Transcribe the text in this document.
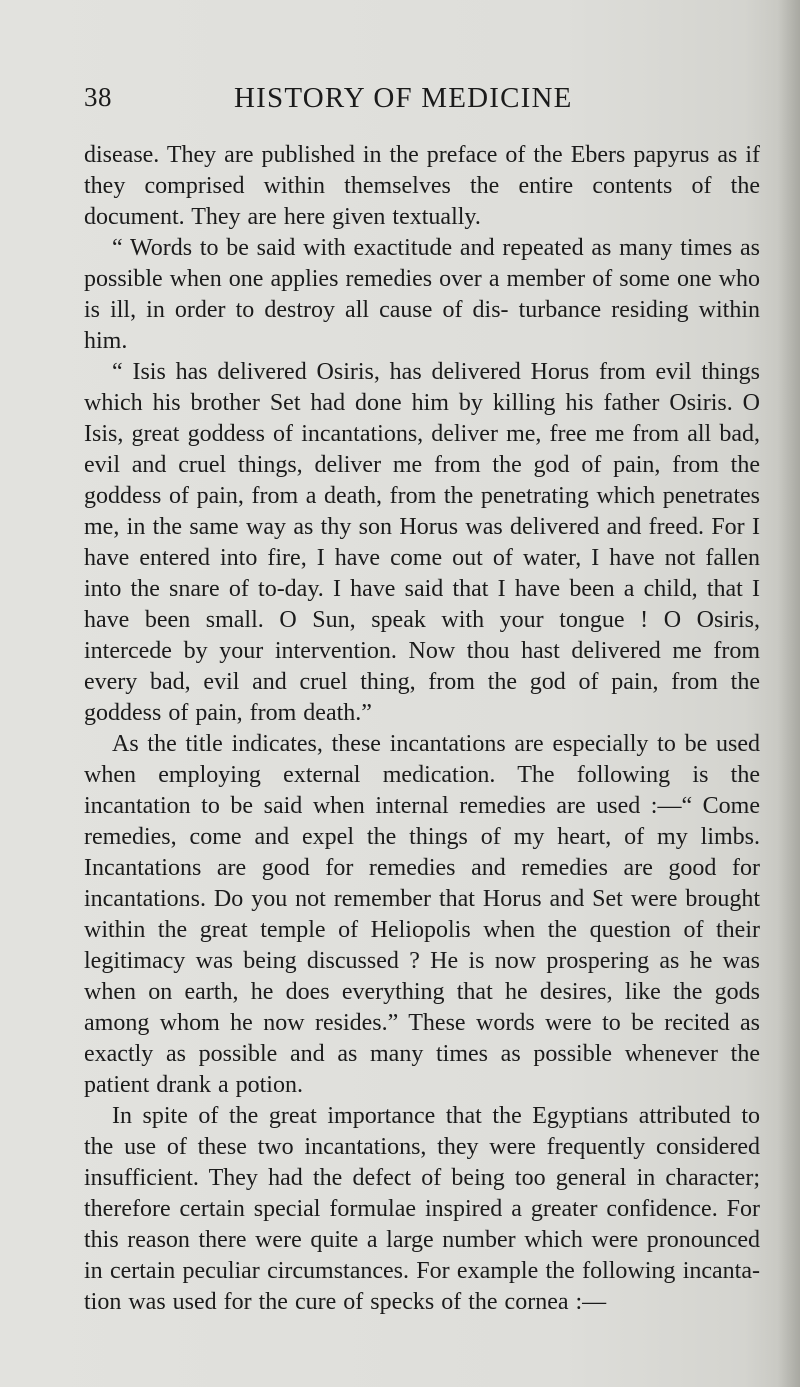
38	HISTORY OF MEDICINE

disease. They are published in the preface of the Ebers papyrus as if they comprised within themselves the entire contents of the document. They are here given textually.

“ Words to be said with exactitude and repeated as many times as possible when one applies remedies over a member of some one who is ill, in order to destroy all cause of dis- turbance residing within him.

“ Isis has delivered Osiris, has delivered Horus from evil things which his brother Set had done him by killing his father Osiris. O Isis, great goddess of incantations, deliver me, free me from all bad, evil and cruel things, deliver me from the god of pain, from the goddess of pain, from a death, from the penetrating which penetrates me, in the same way as thy son Horus was delivered and freed. For I have entered into fire, I have come out of water, I have not fallen into the snare of to-day. I have said that I have been a child, that I have been small. O Sun, speak with your tongue ! O Osiris, intercede by your intervention. Now thou hast delivered me from every bad, evil and cruel thing, from the god of pain, from the goddess of pain, from death.”

As the title indicates, these incantations are especially to be used when employing external medication. The following is the incantation to be said when internal remedies are used :—“ Come remedies, come and expel the things of my heart, of my limbs. Incantations are good for remedies and remedies are good for incantations. Do you not remember that Horus and Set were brought within the great temple of Heliopolis when the question of their legitimacy was being discussed ? He is now prospering as he was when on earth, he does everything that he desires, like the gods among whom he now resides.” These words were to be recited as exactly as possible and as many times as possible whenever the patient drank a potion.

In spite of the great importance that the Egyptians attributed to the use of these two incantations, they were frequently considered insufficient. They had the defect of being too general in character; therefore certain special formulae inspired a greater confidence. For this reason there were quite a large number which were pronounced in certain peculiar circumstances. For example the following incanta- tion was used for the cure of specks of the cornea :—
